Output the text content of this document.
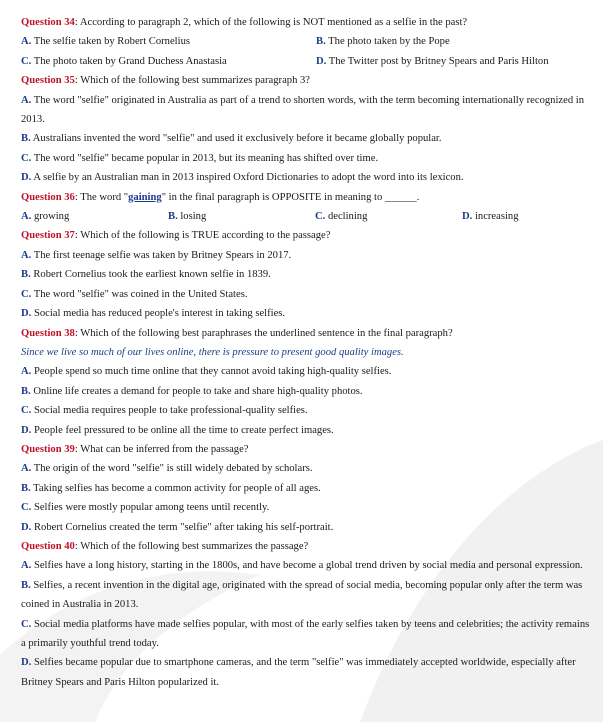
Question 34: According to paragraph 2, which of the following is NOT mentioned as a selfie in the past?
A. The selfie taken by Robert Cornelius	B. The photo taken by the Pope
C. The photo taken by Grand Duchess Anastasia	D. The Twitter post by Britney Spears and Paris Hilton
Question 35: Which of the following best summarizes paragraph 3?
A. The word "selfie" originated in Australia as part of a trend to shorten words, with the term becoming internationally recognized in 2013.
B. Australians invented the word "selfie" and used it exclusively before it became globally popular.
C. The word "selfie" became popular in 2013, but its meaning has shifted over time.
D. A selfie by an Australian man in 2013 inspired Oxford Dictionaries to adopt the word into its lexicon.
Question 36: The word "gaining" in the final paragraph is OPPOSITE in meaning to ______.
A. growing	B. losing	C. declining	D. increasing
Question 37: Which of the following is TRUE according to the passage?
A. The first teenage selfie was taken by Britney Spears in 2017.
B. Robert Cornelius took the earliest known selfie in 1839.
C. The word "selfie" was coined in the United States.
D. Social media has reduced people's interest in taking selfies.
Question 38: Which of the following best paraphrases the underlined sentence in the final paragraph?
Since we live so much of our lives online, there is pressure to present good quality images.
A. People spend so much time online that they cannot avoid taking high-quality selfies.
B. Online life creates a demand for people to take and share high-quality photos.
C. Social media requires people to take professional-quality selfies.
D. People feel pressured to be online all the time to create perfect images.
Question 39: What can be inferred from the passage?
A. The origin of the word "selfie" is still widely debated by scholars.
B. Taking selfies has become a common activity for people of all ages.
C. Selfies were mostly popular among teens until recently.
D. Robert Cornelius created the term "selfie" after taking his self-portrait.
Question 40: Which of the following best summarizes the passage?
A. Selfies have a long history, starting in the 1800s, and have become a global trend driven by social media and personal expression.
B. Selfies, a recent invention in the digital age, originated with the spread of social media, becoming popular only after the term was coined in Australia in 2013.
C. Social media platforms have made selfies popular, with most of the early selfies taken by teens and celebrities; the activity remains a primarily youthful trend today.
D. Selfies became popular due to smartphone cameras, and the term "selfie" was immediately accepted worldwide, especially after Britney Spears and Paris Hilton popularized it.
